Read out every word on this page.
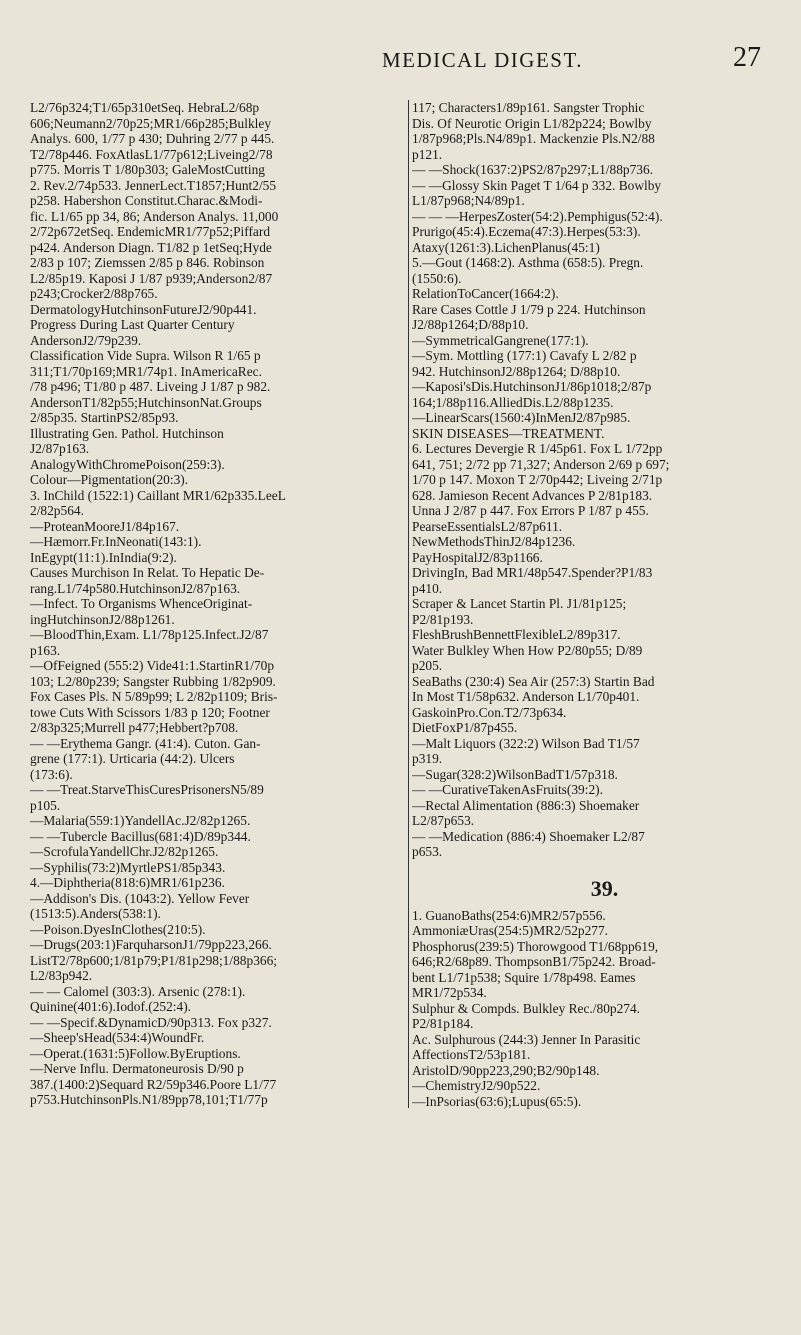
MEDICAL DIGEST.	27
L2/76p324;T1/65p310etSeq. HebraL2/68p
606;Neumann2/70p25;MR1/66p285;Bulkley
Analys. 600, 1/77 p 430; Duhring 2/77 p 445.
T2/78p446. FoxAtlasL1/77p612;Liveing2/78
p775. Morris T 1/80p303; GaleMostCutting
2. Rev.2/74p533. JennerLect.T1857;Hunt2/55
p258. Habershon Constitut.Charac.&Modi-
fic. L1/65 pp 34, 86; Anderson Analys. 11,000
2/72p672etSeq. EndemicMR1/77p52;Piffard
p424. Anderson Diagn. T1/82 p 1etSeq;Hyde
2/83 p 107; Ziemssen 2/85 p 846. Robinson
L2/85p19. Kaposi J 1/87 p939;Anderson2/87
p243;Crocker2/88p765.
DermatologyHutchinsonFutureJ2/90p441.
Progress During Last Quarter Century
AndersonJ2/79p239.
Classification Vide Supra. Wilson R 1/65 p
311;T1/70p169;MR1/74p1. InAmericaRec.
/78 p496; T1/80 p 487. Liveing J 1/87 p 982.
AndersonT1/82p55;HutchinsonNat.Groups
2/85p35. StartinPS2/85p93.
Illustrating Gen. Pathol. Hutchinson
J2/87p163.
AnalogyWithChromePoison(259:3).
Colour—Pigmentation(20:3).
3. InChild (1522:1) Caillant MR1/62p335.LeeL
2/82p564.
—ProteanMooreJ1/84p167.
—Hæmorr.Fr.InNeonati(143:1).
InEgypt(11:1).InIndia(9:2).
Causes Murchison In Relat. To Hepatic De-
rang.L1/74p580.HutchinsonJ2/87p163.
—Infect. To Organisms WhenceOriginat-
ingHutchinsonJ2/88p1261.
—BloodThin,Exam. L1/78p125.Infect.J2/87
p163.
—OfFeigned (555:2) Vide41:1.StartinR1/70p
103; L2/80p239; Sangster Rubbing 1/82p909.
Fox Cases Pls. N 5/89p99; L 2/82p1109; Bris-
towe Cuts With Scissors 1/83 p 120; Footner
2/83p325;Murrell p477;Hebbert?p708.
— —Erythema Gangr. (41:4). Cuton. Gan-
grene (177:1). Urticaria (44:2). Ulcers
(173:6).
— —Treat.StarveThisCuresPrisonersN5/89
p105.
—Malaria(559:1)YandellAc.J2/82p1265.
— —Tubercle Bacillus(681:4)D/89p344.
—ScrofulaYandellChr.J2/82p1265.
—Syphilis(73:2)MyrtlePS1/85p343.
4.—Diphtheria(818:6)MR1/61p236.
—Addison's Dis. (1043:2). Yellow Fever
(1513:5).Anders(538:1).
—Poison.DyesInClothes(210:5).
—Drugs(203:1)FarquharsonJ1/79pp223,266.
ListT2/78p600;1/81p79;P1/81p298;1/88p366;
L2/83p942.
— — Calomel (303:3). Arsenic (278:1).
Quinine(401:6).Iodof.(252:4).
— —Specif.&DynamicD/90p313. Fox p327.
—Sheep'sHead(534:4)WoundFr.
—Operat.(1631:5)Follow.ByEruptions.
—Nerve Influ. Dermatoneurosis D/90 p
387.(1400:2)Sequard R2/59p346.Poore L1/77
p753.HutchinsonPls.N1/89pp78,101;T1/77p
117; Characters1/89p161. Sangster Trophic
Dis. Of Neurotic Origin L1/82p224; Bowlby
1/87p968;Pls.N4/89p1. Mackenzie Pls.N2/88
p121.
— —Shock(1637:2)PS2/87p297;L1/88p736.
— —Glossy Skin Paget T 1/64 p 332. Bowlby
L1/87p968;N4/89p1.
— — —HerpesZoster(54:2).Pemphigus(52:4).
Prurigo(45:4).Eczema(47:3).Herpes(53:3).
Ataxy(1261:3).LichenPlanus(45:1)
5.—Gout (1468:2). Asthma (658:5). Pregn.
(1550:6).
RelationToCancer(1664:2).
Rare Cases Cottle J 1/79 p 224. Hutchinson
J2/88p1264;D/88p10.
—SymmetricalGangrene(177:1).
—Sym. Mottling (177:1) Cavafy L 2/82 p
942. HutchinsonJ2/88p1264; D/88p10.
—Kaposi'sDis.HutchinsonJ1/86p1018;2/87p
164;1/88p116.AlliedDis.L2/88p1235.
—LinearScars(1560:4)InMenJ2/87p985.
SKIN DISEASES—TREATMENT.
6. Lectures Devergie R 1/45p61. Fox L 1/72pp
641, 751; 2/72 pp 71,327; Anderson 2/69 p 697;
1/70 p 147. Moxon T 2/70p442; Liveing 2/71p
628. Jamieson Recent Advances P 2/81p183.
Unna J 2/87 p 447. Fox Errors P 1/87 p 455.
PearseEssentialsL2/87p611.
NewMethodsThinJ2/84p1236.
PayHospitalJ2/83p1166.
DrivingIn, Bad MR1/48p547.Spender?P1/83
p410.
Scraper & Lancet Startin Pl. J1/81p125;
P2/81p193.
FleshBrushBennettFlexibleL2/89p317.
Water Bulkley When How P2/80p55; D/89
p205.
SeaBaths (230:4) Sea Air (257:3) Startin Bad
In Most T1/58p632. Anderson L1/70p401.
GaskoinPro.Con.T2/73p634.
DietFoxP1/87p455.
—Malt Liquors (322:2) Wilson Bad T1/57
p319.
—Sugar(328:2)WilsonBadT1/57p318.
— —CurativeTakenAsFruits(39:2).
—Rectal Alimentation (886:3) Shoemaker
L2/87p653.
— —Medication (886:4) Shoemaker L2/87
p653.
39.
1. GuanoBaths(254:6)MR2/57p556.
AmmoniæUras(254:5)MR2/52p277.
Phosphorus(239:5) Thorowgood T1/68pp619,
646;R2/68p89. ThompsonB1/75p242. Broad-
bent L1/71p538; Squire 1/78p498. Eames
MR1/72p534.
Sulphur & Compds. Bulkley Rec./80p274.
P2/81p184.
Ac. Sulphurous (244:3) Jenner In Parasitic
AffectionsT2/53p181.
AristolD/90pp223,290;B2/90p148.
—ChemistryJ2/90p522.
—InPsorias(63:6);Lupus(65:5).
